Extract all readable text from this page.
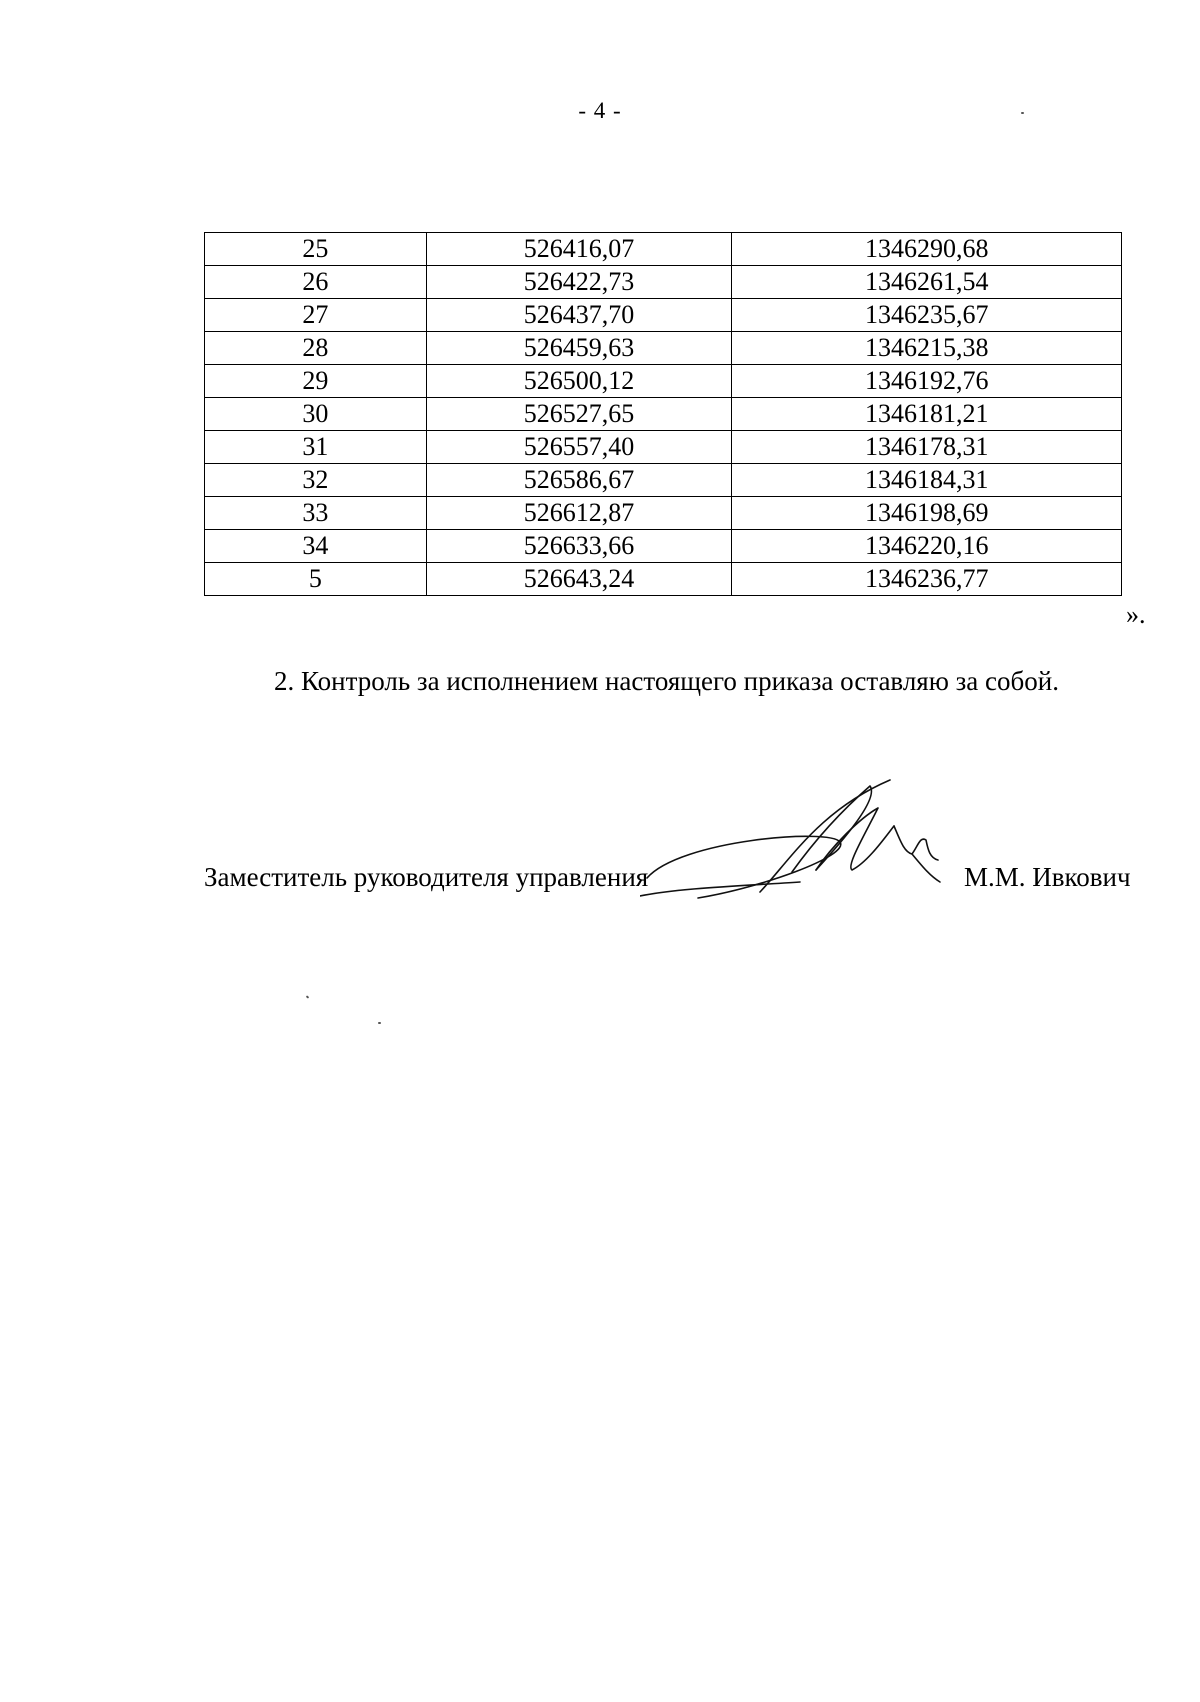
- 4 -
25	526416,07	1346290,68
26	526422,73	1346261,54
27	526437,70	1346235,67
28	526459,63	1346215,38
29	526500,12	1346192,76
30	526527,65	1346181,21
31	526557,40	1346178,31
32	526586,67	1346184,31
33	526612,87	1346198,69
34	526633,66	1346220,16
5	526643,24	1346236,77
».
2. Контроль за исполнением настоящего приказа оставляю за собой.
Заместитель руководителя управления	М.М. Ивкович
